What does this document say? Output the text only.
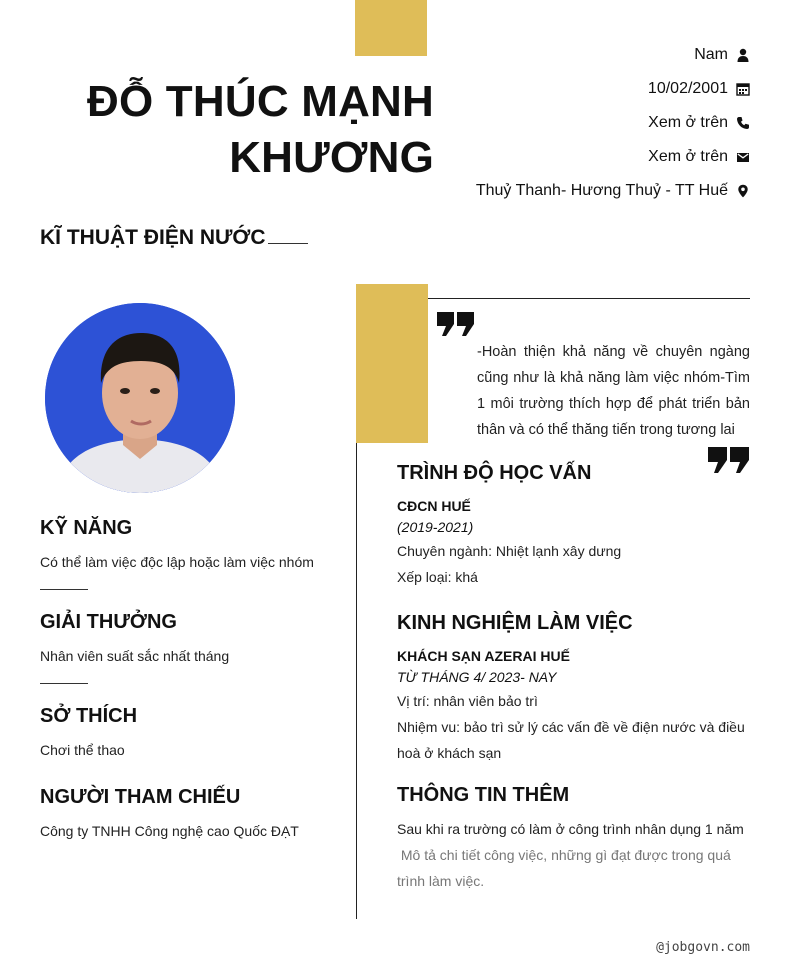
ĐỖ THÚC MẠNH
KHƯƠNG
Nam
10/02/2001
Xem ở trên
Xem ở trên
Thuỷ Thanh- Hương Thuỷ - TT Huế
KĨ THUẬT ĐIỆN NƯỚC
-Hoàn thiện khả năng về chuyên ngàng cũng như là khả năng làm việc nhóm-Tìm 1 môi trường thích hợp để phát triển bản thân và có thể thăng tiến trong tương lai
KỸ NĂNG
Có thể làm việc độc lập hoặc làm việc nhóm
GIẢI THƯỞNG
Nhân viên suất sắc nhất tháng
SỞ THÍCH
Chơi thể thao
NGƯỜI THAM CHIẾU
Công ty TNHH Công nghệ cao Quốc ĐẠT
TRÌNH ĐỘ HỌC VẤN
CĐCN HUẾ
(2019-2021)
Chuyên ngành: Nhiệt lạnh xây dưng
Xếp loại: khá
KINH NGHIỆM LÀM VIỆC
KHÁCH SẠN AZERAI HUẾ
TỪ THÁNG 4/ 2023- NAY
Vị trí: nhân viên bảo trì
Nhiệm vu: bảo trì sử lý các vấn đề về điện nước và điều hoà ở khách sạn
THÔNG TIN THÊM
Sau khi ra trường có làm ở công trình nhân dụng 1 năm
Mô tả chi tiết công việc, những gì đạt được trong quá trình làm việc.
@jobgovn.com
